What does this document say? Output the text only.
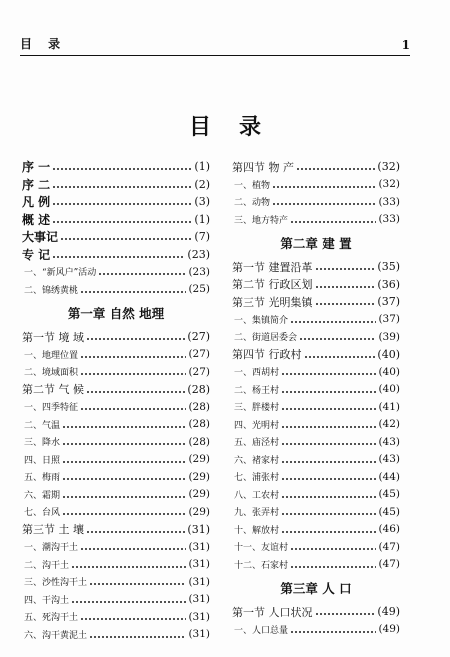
目 录	1
目录
序 一	(1)
序 二	(2)
凡 例	(3)
概 述	(1)
大事记	(7)
专 记	(23)
一、“新风户”活动	(23)
二、锦绣黄桃	(25)
第一章 自然 地理
第一节 境 域	(27)
一、地理位置	(27)
二、境域面积	(27)
第二节 气 候	(28)
一、四季特征	(28)
二、气温	(28)
三、降水	(28)
四、日照	(29)
五、梅雨	(29)
六、霜期	(29)
七、台风	(29)
第三节 土 壤	(31)
一、潮沟干土	(31)
二、沟干土	(31)
三、沙性沟干土	(31)
四、干沟土	(31)
五、死沟干土	(31)
六、沟干黄泥土	(31)
第四节 物 产	(32)
一、植物	(32)
二、动物	(33)
三、地方特产	(33)
第二章 建 置
第一节 建置沿革	(35)
第二节 行政区划	(36)
第三节 光明集镇	(37)
一、集镇简介	(37)
二、街道居委会	(39)
第四节 行政村	(40)
一、西胡村	(40)
二、杨王村	(40)
三、胖楼村	(41)
四、光明村	(42)
五、庙泾村	(43)
六、褚家村	(43)
七、浦张村	(44)
八、工农村	(45)
九、张弄村	(45)
十、解放村	(46)
十一、友谊村	(47)
十二、石家村	(47)
第三章 人 口
第一节 人口状况	(49)
一、人口总量	(49)
